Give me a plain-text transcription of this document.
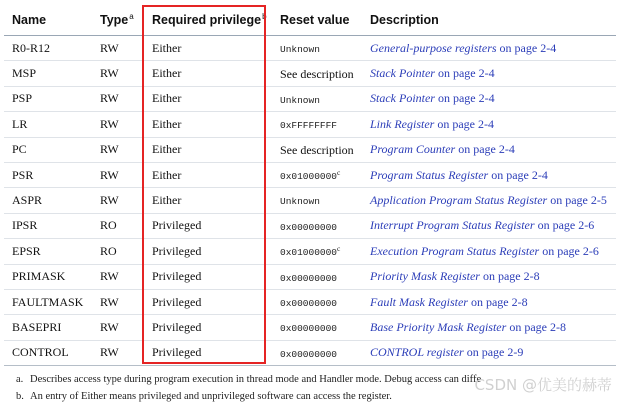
Name	Type$^a$	Required privilege$^b$	Reset value	Description
R0-R12	RW	Either	Unknown	General-purpose registers on page 2-4
MSP	RW	Either	See description	Stack Pointer on page 2-4
PSP	RW	Either	Unknown	Stack Pointer on page 2-4
LR	RW	Either	0xFFFFFFFF	Link Register on page 2-4
PC	RW	Either	See description	Program Counter on page 2-4
PSR	RW	Either	0x01000000$^c$	Program Status Register on page 2-4
ASPR	RW	Either	Unknown	Application Program Status Register on page 2-5
IPSR	RO	Privileged	0x00000000	Interrupt Program Status Register on page 2-6
EPSR	RO	Privileged	0x01000000$^c$	Execution Program Status Register on page 2-6
PRIMASK	RW	Privileged	0x00000000	Priority Mask Register on page 2-8
FAULTMASK	RW	Privileged	0x00000000	Fault Mask Register on page 2-8
BASEPRI	RW	Privileged	0x00000000	Base Priority Mask Register on page 2-8
CONTROL	RW	Privileged	0x00000000	CONTROL register on page 2-9
a. Describes access type during program execution in thread mode and Handler mode. Debug access can diffe
b. An entry of Either means privileged and unprivileged software can access the register.
CSDN @优美的赫蒂
